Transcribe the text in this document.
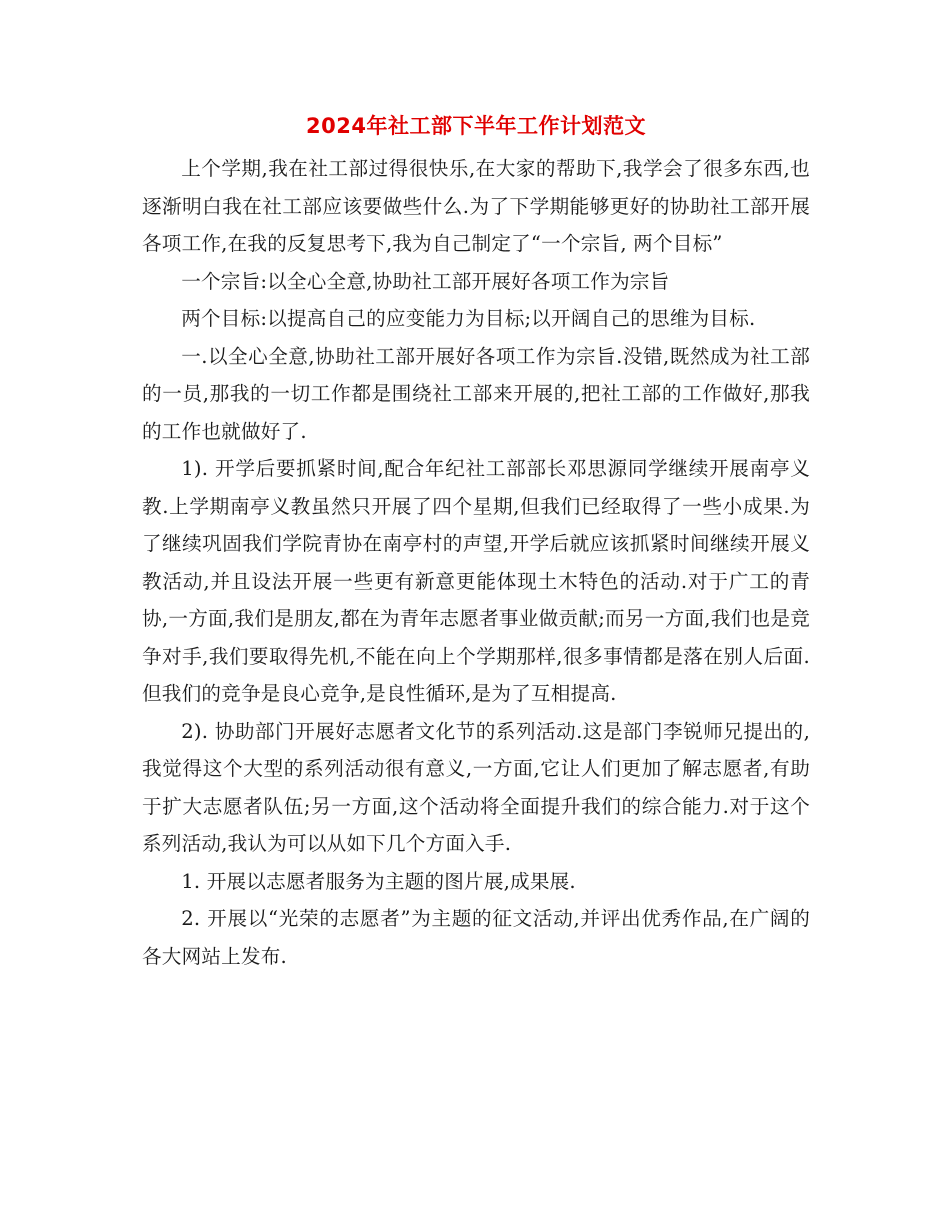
2024年社工部下半年工作计划范文

上个学期,我在社工部过得很快乐,在大家的帮助下,我学会了很多东西,也逐渐明白我在社工部应该要做些什么.为了下学期能够更好的协助社工部开展各项工作,在我的反复思考下,我为自己制定了“一个宗旨, 两个目标”

一个宗旨:以全心全意,协助社工部开展好各项工作为宗旨

两个目标:以提高自己的应变能力为目标;以开阔自己的思维为目标.

一.以全心全意,协助社工部开展好各项工作为宗旨.没错,既然成为社工部的一员,那我的一切工作都是围绕社工部来开展的,把社工部的工作做好,那我的工作也就做好了.

1). 开学后要抓紧时间,配合年纪社工部部长邓思源同学继续开展南亭义教.上学期南亭义教虽然只开展了四个星期,但我们已经取得了一些小成果.为了继续巩固我们学院青协在南亭村的声望,开学后就应该抓紧时间继续开展义教活动,并且设法开展一些更有新意更能体现土木特色的活动.对于广工的青协,一方面,我们是朋友,都在为青年志愿者事业做贡献;而另一方面,我们也是竞争对手,我们要取得先机,不能在向上个学期那样,很多事情都是落在别人后面.但我们的竞争是良心竞争,是良性循环,是为了互相提高.

2). 协助部门开展好志愿者文化节的系列活动.这是部门李锐师兄提出的,我觉得这个大型的系列活动很有意义,一方面,它让人们更加了解志愿者,有助于扩大志愿者队伍;另一方面,这个活动将全面提升我们的综合能力.对于这个系列活动,我认为可以从如下几个方面入手.

1. 开展以志愿者服务为主题的图片展,成果展.

2. 开展以“光荣的志愿者”为主题的征文活动,并评出优秀作品,在广阔的各大网站上发布.
